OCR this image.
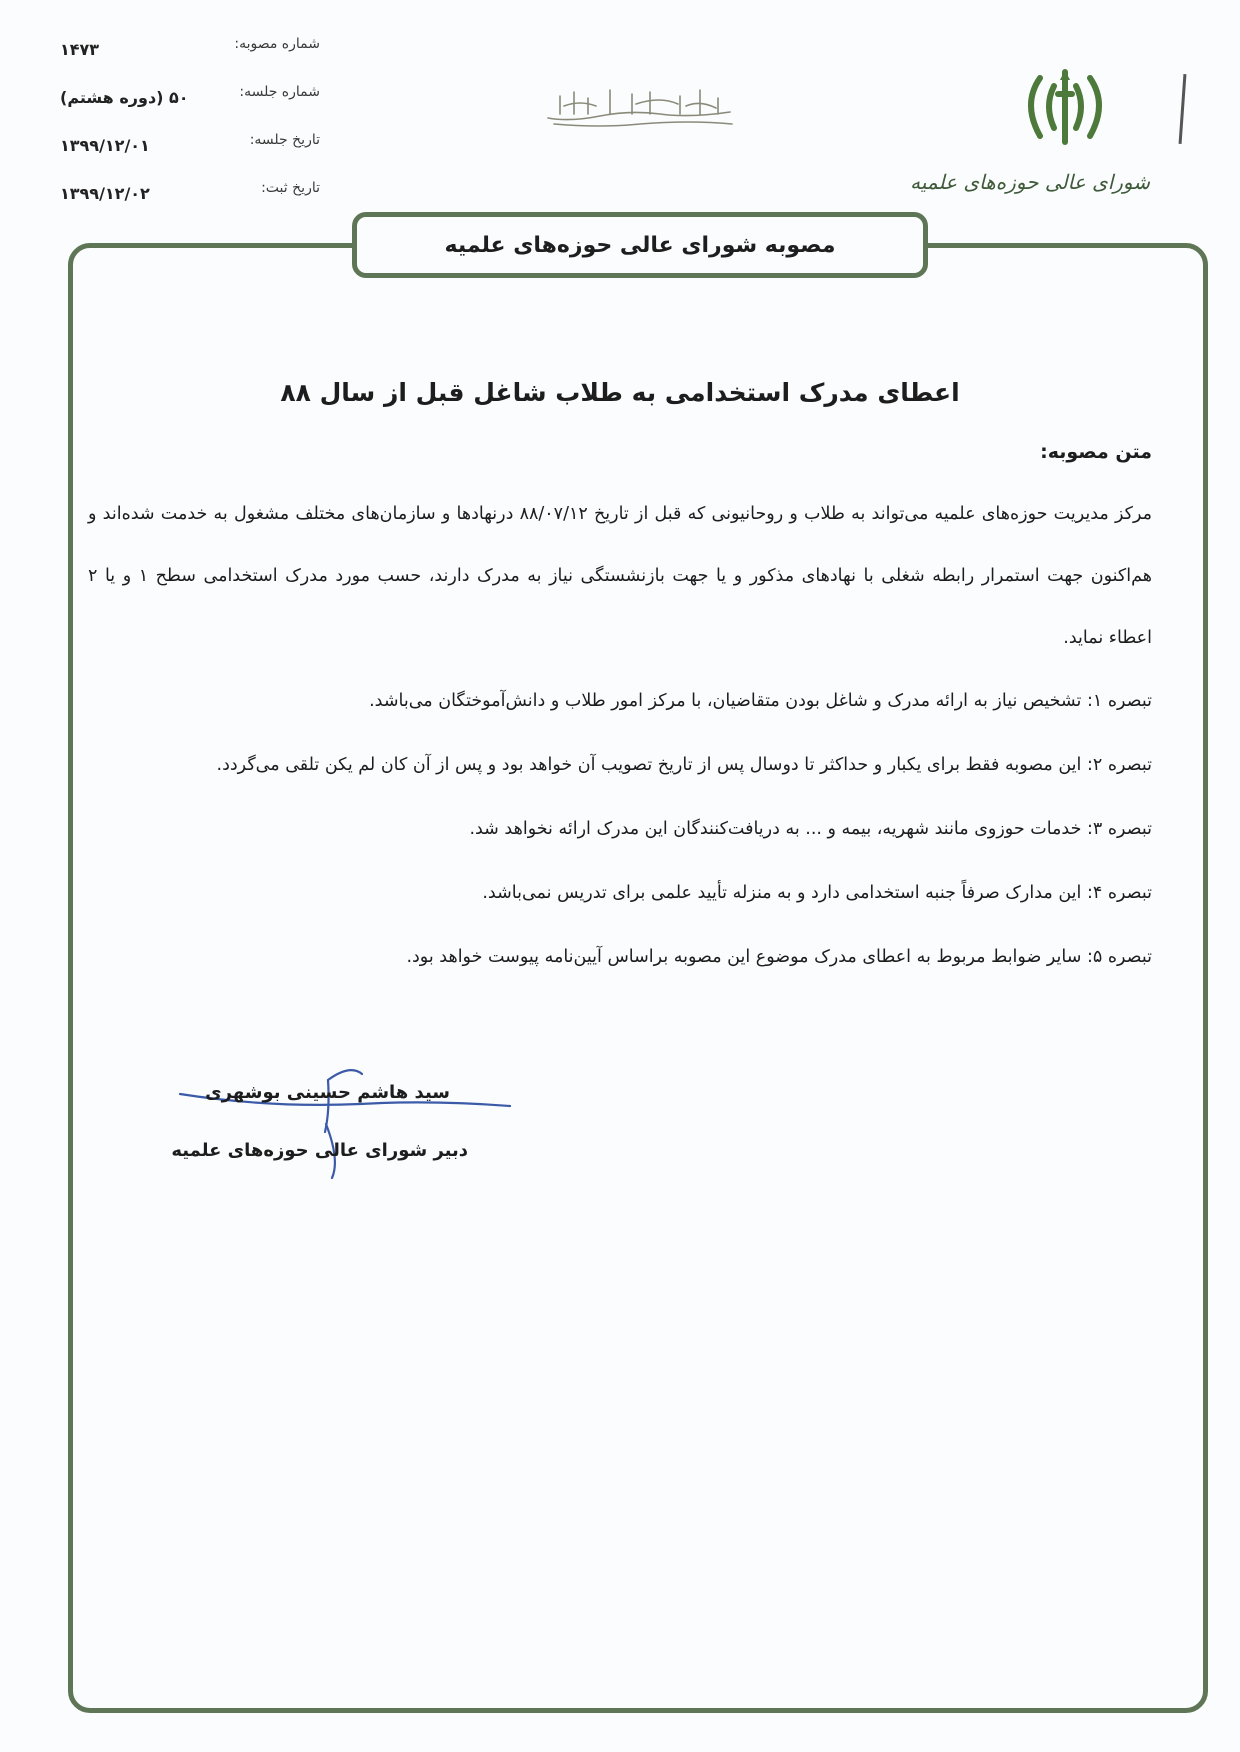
شماره مصوبه:
۱۴۷۳
شماره جلسه:
۵۰ (دوره هشتم)
تاریخ جلسه:
۱۳۹۹/۱۲/۰۱
تاریخ ثبت:
۱۳۹۹/۱۲/۰۲	شورای عالی حوزه‌های علمیه
مصوبه شورای عالی حوزه‌های علمیه
اعطای مدرک استخدامی به طلاب شاغل قبل از سال ۸۸
متن مصوبه:

مرکز مدیریت حوزه‌های علمیه می‌تواند به طلاب و روحانیونی که قبل از تاریخ ۸۸/۰۷/۱۲ درنهادها و سازمان‌های مختلف مشغول به خدمت شده‌اند و هم‌اکنون جهت استمرار رابطه شغلی با نهادهای مذکور و یا جهت بازنشستگی نیاز به مدرک دارند، حسب مورد مدرک استخدامی سطح ۱ و یا ۲ اعطاء نماید.

تبصره ۱: تشخیص نیاز به ارائه مدرک و شاغل بودن متقاضیان، با مرکز امور طلاب و دانش‌آموختگان می‌باشد.

تبصره ۲: این مصوبه فقط برای یکبار و حداکثر تا دوسال پس از تاریخ تصویب آن خواهد بود و پس از آن کان لم یکن تلقی می‌گردد.

تبصره ۳: خدمات حوزوی مانند شهریه، بیمه و ... به دریافت‌کنندگان این مدرک ارائه نخواهد شد.

تبصره ۴: این مدارک صرفاً جنبه استخدامی دارد و به منزله تأیید علمی برای تدریس نمی‌باشد.

تبصره ۵: سایر ضوابط مربوط به اعطای مدرک موضوع این مصوبه براساس آیین‌نامه پیوست خواهد بود.

سید هاشم حسینی بوشهری
دبیر شورای عالی حوزه‌های علمیه
